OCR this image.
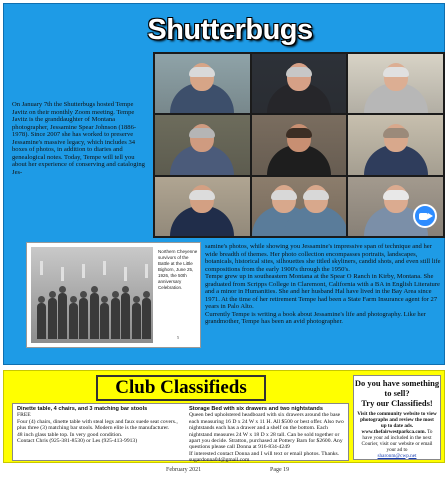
Shutterbugs

On January 7th the Shutterbugs hosted Tempe Javitz on their monthly Zoom meeting. Tempe Javitz is the granddaughter of Montana photographer, Jessamine Spear Johnson (1886-1978). Since 2007 she has worked to preserve Jessamine's massive legacy, which includes 34 boxes of photos, in addition to diaries and genealogical notes. Today, Tempe will tell you about her experience of conserving and cataloging Jes-

Northern Cheyenne survivors of the Battle at the Little Bighorn, June 25, 1926, the 50th anniversary Celebration.
5

samine's photos, while showing you Jessamine's impressive span of technique and her wide breadth of themes. Her photo collection encompasses portraits, landscapes, botanicals, historical sites, silhouettes she titled skyliners, candid shots, and even still life compositions from the early 1900's through the 1950's.

Tempe grew up in southeastern Montana at the Spear O Ranch in Kirby, Montana. She graduated from Scripps College in Claremont, California with a BA in English Literature and a minor in Humanities. She and her husband Hal have lived in the Bay Area since 1971. At the time of her retirement Tempe had been a State Farm Insurance agent for 27 years in Palo Alto.

Currently Tempe is writing a book about Jessamine's life and photography. Like her grandmother, Tempe has been an avid photographer.

Club Classifieds

Dinette table, 4 chairs, and 3 matching bar stools

FREE

Four (4) chairs, dinette table with steal legs and faux suede seat covers., plus three (3) matching bar stools. Modern elite is the manufacturer.

48 inch glass table top. In very good condition.

Contact Chris (925-381-8530) or Les (925-413-9913)

Storage Bed with six drawers and two nightstands

Queen bed upholstered headboard with six drawers around the base each measuring 16 D x 24 W x 11 H. All $500 or best offer. Also two nightstands each has a drawer and a shelf on the bottom. Each nightstand measures 24 W x 18 D x 28 tall. Can be sold together or apart you decide. Stratton, purchased at Pottery Barn for $2600. Any questions please call Donna at 916-834-4249

If interested contact Donna and I will text or email photos. Thanks. sugardonna04@gmail.com

Do you have something to sell?
Try our Classifieds!
Visit the community website to view photographs and review the most up to date ads. www.thefairwestparkca.com. To have your ad included in the next Courier, visit our website or email your ad to
sharonm@cwp.net
February 2021	Page 19
